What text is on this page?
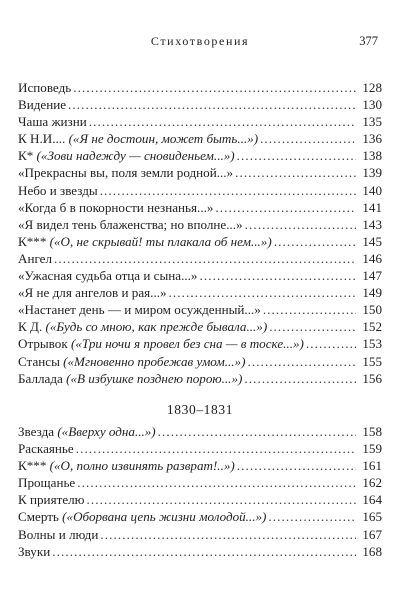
Стихотворения	377
Исповедь .....	128
Видение .....	130
Чаша жизни .....	135
К Н.И.... («Я не достоин, может быть...») .....	136
К* («Зови надежду — сновиденьем...») .....	138
«Прекрасны вы, поля земли родной...» .....	139
Небо и звезды .....	140
«Когда б в покорности незнанья...» .....	141
«Я видел тень блаженства; но вполне...» .....	143
К*** («О, не скрывай! ты плакала об нем...») .....	145
Ангел .....	146
«Ужасная судьба отца и сына...» .....	147
«Я не для ангелов и рая...» .....	149
«Настанет день — и миром осужденный...» .....	150
К Д. («Будь со мною, как прежде бывала...») .....	152
Отрывок («Три ночи я провел без сна — в тоске...») .....	153
Стансы («Мгновенно пробежав умом...») .....	155
Баллада («В избушке позднею порою...») .....	156
1830–1831
Звезда («Вверху одна...») .....	158
Раскаянье .....	159
К*** («О, полно извинять разврат!..») .....	161
Прощанье .....	162
К приятелю .....	164
Смерть («Оборвана цепь жизни молодой...») .....	165
Волны и люди .....	167
Звуки .....	168
